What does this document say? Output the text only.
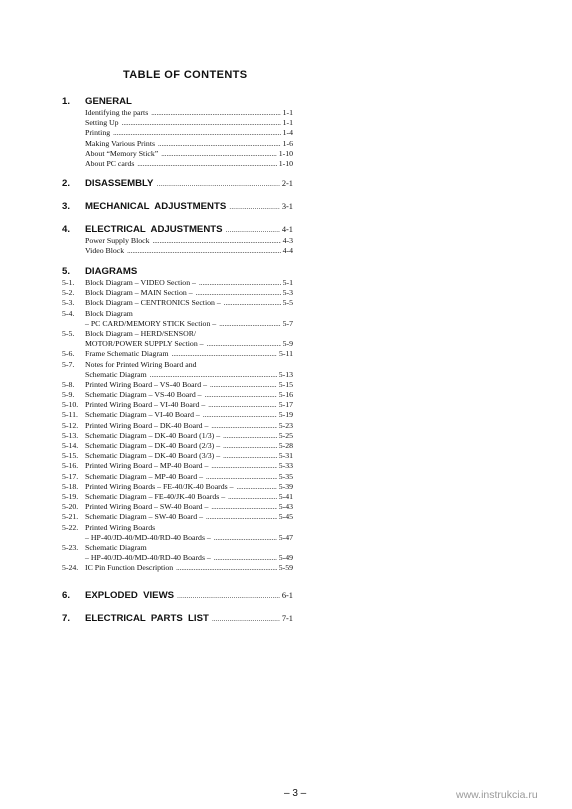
TABLE OF CONTENTS
1.	GENERAL
Identifying the parts .....	1-1
Setting Up .....	1-1
Printing .....	1-4
Making Various Prints .....	1-6
About “Memory Stick” .....	1-10
About PC cards .....	1-10
2.	DISASSEMBLY .....	2-1
3.	MECHANICAL  ADJUSTMENTS .....	3-1
4.	ELECTRICAL  ADJUSTMENTS .....	4-1
Power Supply Block .....	4-3
Video Block .....	4-4
5.	DIAGRAMS
5-1.	Block Diagram – VIDEO Section – .....	5-1
5-2.	Block Diagram – MAIN Section – .....	5-3
5-3.	Block Diagram – CENTRONICS Section – .....	5-5
5-4.	Block Diagram
– PC CARD/MEMORY STICK Section – .....	5-7
5-5.	Block Diagram – HERD/SENSOR/
MOTOR/POWER SUPPLY Section – .....	5-9
5-6.	Frame Schematic Diagram .....	5-11
5-7.	Notes for Printed Wiring Board and
Schematic Diagram .....	5-13
5-8.	Printed Wiring Board – VS-40 Board – .....	5-15
5-9.	Schematic Diagram – VS-40 Board – .....	5-16
5-10. Printed Wiring Board – VI-40 Board – .....	5-17
5-11. Schematic Diagram – VI-40 Board – .....	5-19
5-12. Printed Wiring Board – DK-40 Board – .....	5-23
5-13. Schematic Diagram – DK-40 Board (1/3) – .....	5-25
5-14. Schematic Diagram – DK-40 Board (2/3) – .....	5-28
5-15. Schematic Diagram – DK-40 Board (3/3) – .....	5-31
5-16. Printed Wiring Board – MP-40 Board – .....	5-33
5-17. Schematic Diagram – MP-40 Board – .....	5-35
5-18. Printed Wiring Boards – FE-40/JK-40 Boards – .....	5-39
5-19. Schematic Diagram – FE-40/JK-40 Boards – .....	5-41
5-20. Printed Wiring Board – SW-40 Board – .....	5-43
5-21. Schematic Diagram – SW-40 Board – .....	5-45
5-22. Printed Wiring Boards
– HP-40/JD-40/MD-40/RD-40 Boards – .....	5-47
5-23. Schematic Diagram
– HP-40/JD-40/MD-40/RD-40 Boards – .....	5-49
5-24. IC Pin Function Description .....	5-59
6.	EXPLODED  VIEWS .....	6-1
7.	ELECTRICAL  PARTS  LIST .....	7-1
– 3 –	www.instrukcia.ru
